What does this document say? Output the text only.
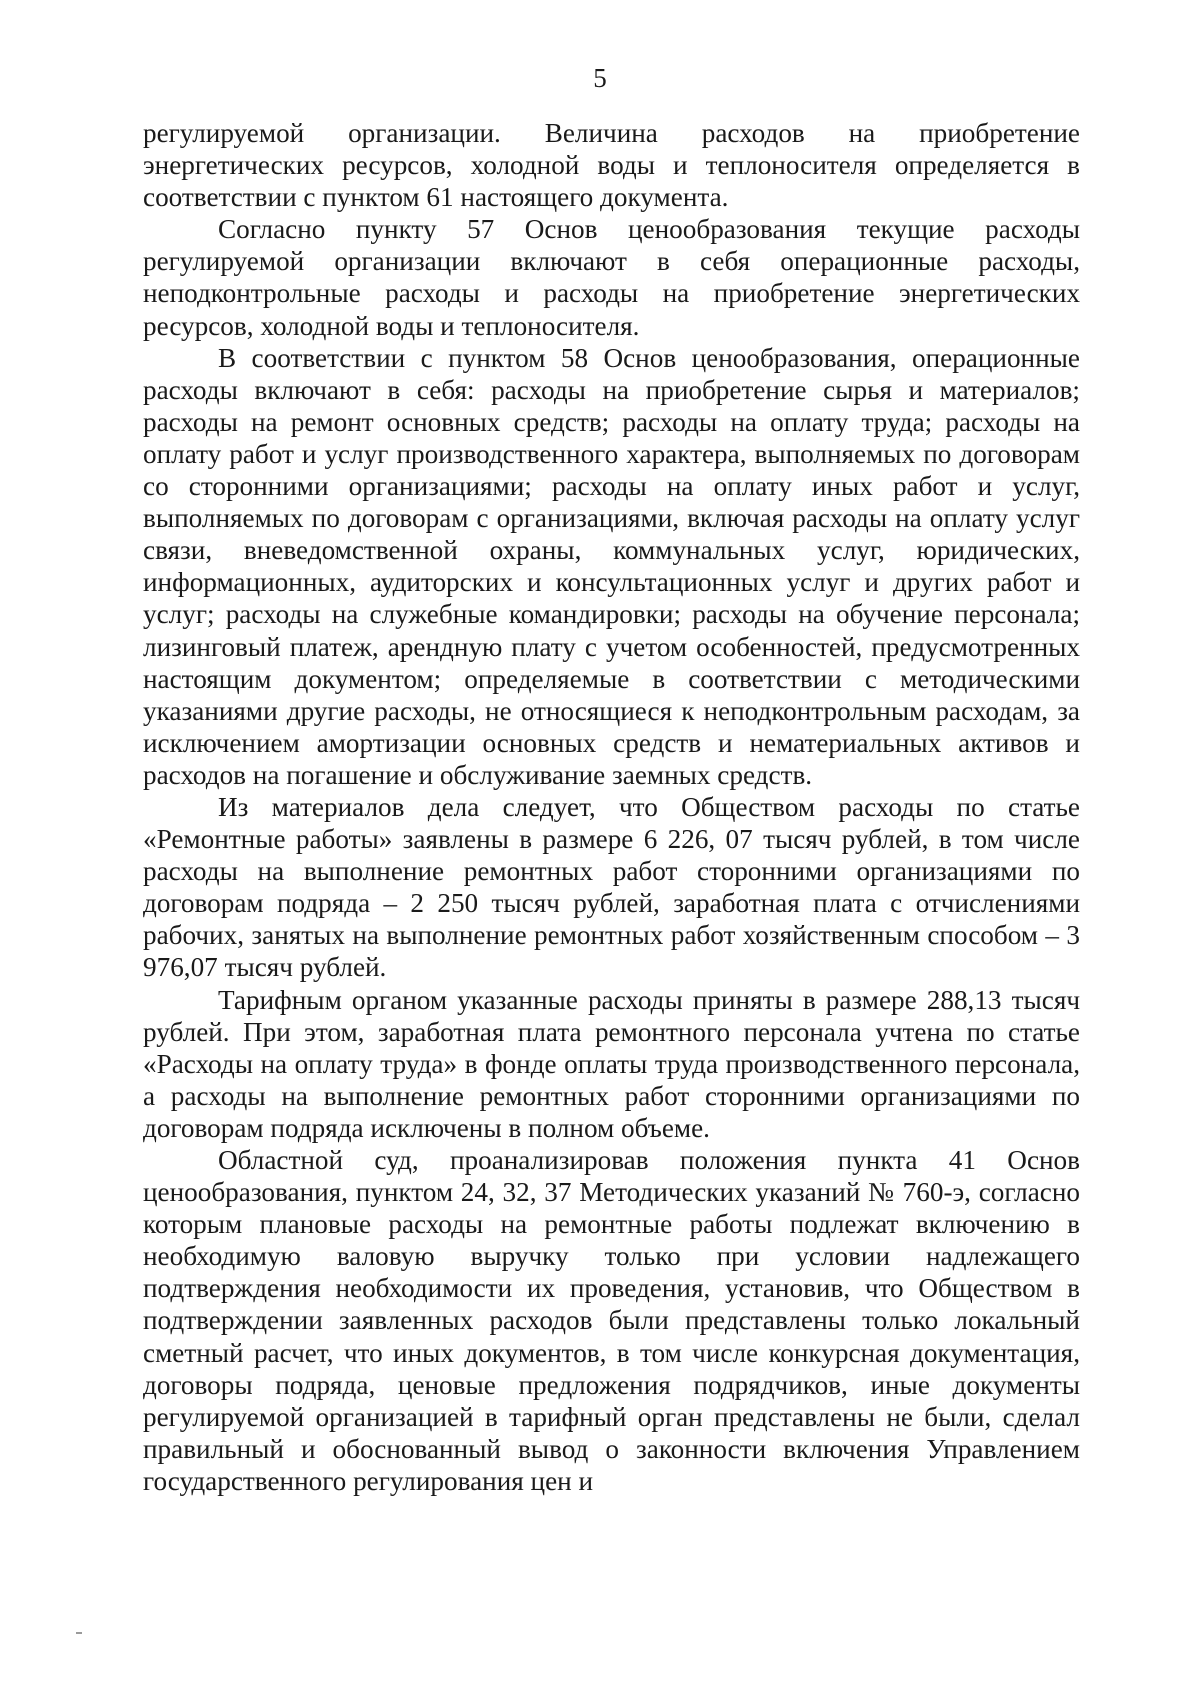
5

регулируемой организации. Величина расходов на приобретение энергетических ресурсов, холодной воды и теплоносителя определяется в соответствии с пунктом 61 настоящего документа.

Согласно пункту 57 Основ ценообразования текущие расходы регулируемой организации включают в себя операционные расходы, неподконтрольные расходы и расходы на приобретение энергетических ресурсов, холодной воды и теплоносителя.

В соответствии с пунктом 58 Основ ценообразования, операционные расходы включают в себя: расходы на приобретение сырья и материалов; расходы на ремонт основных средств; расходы на оплату труда; расходы на оплату работ и услуг производственного характера, выполняемых по договорам со сторонними организациями; расходы на оплату иных работ и услуг, выполняемых по договорам с организациями, включая расходы на оплату услуг связи, вневедомственной охраны, коммунальных услуг, юридических, информационных, аудиторских и консультационных услуг и других работ и услуг; расходы на служебные командировки; расходы на обучение персонала; лизинговый платеж, арендную плату с учетом особенностей, предусмотренных настоящим документом; определяемые в соответствии с методическими указаниями другие расходы, не относящиеся к неподконтрольным расходам, за исключением амортизации основных средств и нематериальных активов и расходов на погашение и обслуживание заемных средств.

Из материалов дела следует, что Обществом расходы по статье «Ремонтные работы» заявлены в размере 6 226, 07 тысяч рублей, в том числе расходы на выполнение ремонтных работ сторонними организациями по договорам подряда – 2 250 тысяч рублей, заработная плата с отчислениями рабочих, занятых на выполнение ремонтных работ хозяйственным способом – 3 976,07 тысяч рублей.

Тарифным органом указанные расходы приняты в размере 288,13 тысяч рублей. При этом, заработная плата ремонтного персонала учтена по статье «Расходы на оплату труда» в фонде оплаты труда производственного персонала, а расходы на выполнение ремонтных работ сторонними организациями по договорам подряда исключены в полном объеме.

Областной суд, проанализировав положения пункта 41 Основ ценообразования, пунктом 24, 32, 37 Методических указаний № 760-э, согласно которым плановые расходы на ремонтные работы подлежат включению в необходимую валовую выручку только при условии надлежащего подтверждения необходимости их проведения, установив, что Обществом в подтверждении заявленных расходов были представлены только локальный сметный расчет, что иных документов, в том числе конкурсная документация, договоры подряда, ценовые предложения подрядчиков, иные документы регулируемой организацией в тарифный орган представлены не были, сделал правильный и обоснованный вывод о законности включения Управлением государственного регулирования цен и
